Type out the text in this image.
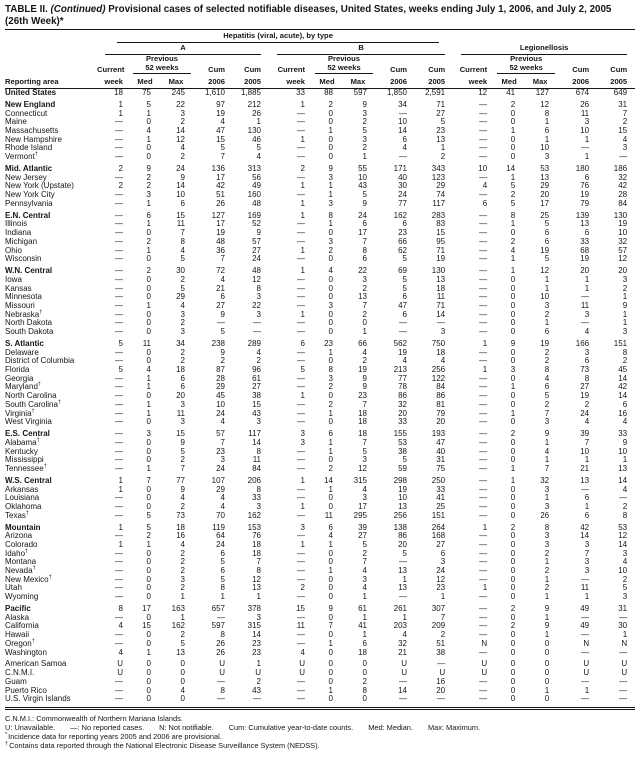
TABLE II. (Continued) Provisional cases of selected notifiable diseases, United States, weeks ending July 1, 2006, and July 2, 2005
(26th Week)*

	Hepatitis (viral, acute), by type														

	A					B					Legionellosis				

Reporting area		Previous					Previous					Previous			
	Current	52 weeks		Cum	Cum	Current	52 weeks		Cum	Cum	Current	52 weeks		Cum	Cum
	week	Med	Max	2006	2005	week	Med	Max	2006	2005	week	Med	Max	2006	2005
United States	18	75	245	1,610	1,885	33	88	597	1,850	2,591	12	41	127	674	649
New England	1	5	22	97	212	1	2	9	34	71	—	2	12	26	31
Connecticut	1	1	3	19	26	—	0	3	—	27	—	0	8	11	7
Maine	—	0	2	4	1	—	0	2	10	5	—	0	1	3	2
Massachusetts	—	4	14	47	130	—	1	5	14	23	—	1	6	10	15
New Hampshire	—	1	12	15	46	1	0	3	6	13	—	0	1	1	4
Rhode Island	—	0	4	5	5	—	0	2	4	1	—	0	10	—	3
Vermont†	—	0	2	7	4	—	0	1	—	2	—	0	3	1	—
Mid. Atlantic	2	9	24	136	313	2	9	55	171	343	10	14	53	180	186
New Jersey	—	2	9	17	56	—	3	10	40	123	—	1	13	6	32
New York (Upstate)	2	2	14	42	49	1	1	43	30	29	4	5	29	76	42
New York City	—	3	10	51	160	—	1	5	24	74	—	2	20	19	28
Pennsylvania	—	1	6	26	48	1	3	9	77	117	6	5	17	79	84
E.N. Central	—	6	15	127	169	1	8	24	162	283	—	8	25	139	130
Illinois	—	1	11	17	52	—	1	6	6	83	—	1	5	13	19
Indiana	—	0	7	19	9	—	0	17	23	15	—	0	6	6	10
Michigan	—	2	8	48	57	—	3	7	66	95	—	2	6	33	32
Ohio	—	1	4	36	27	1	2	8	62	71	—	4	19	68	57
Wisconsin	—	0	5	7	24	—	0	6	5	19	—	1	5	19	12
W.N. Central	—	2	30	72	48	1	4	22	69	130	—	1	12	20	20
Iowa	—	0	2	4	12	—	0	3	5	13	—	0	1	1	3
Kansas	—	0	5	21	8	—	0	2	5	18	—	0	1	1	2
Minnesota	—	0	29	6	3	—	0	13	6	11	—	0	10	—	1
Missouri	—	1	4	27	22	—	3	7	47	71	—	0	3	11	9
Nebraska†	—	0	3	9	3	1	0	2	6	14	—	0	2	3	1
North Dakota	—	0	2	—	—	—	0	0	—	—	—	0	1	—	1
South Dakota	—	0	3	5	—	—	0	1	—	3	—	0	6	4	3
S. Atlantic	5	11	34	238	289	6	23	66	562	750	1	9	19	166	151
Delaware	—	0	2	9	4	—	1	4	19	18	—	0	2	3	8
District of Columbia	—	0	2	2	2	—	0	2	4	4	—	0	2	6	2
Florida	5	4	18	87	96	5	8	19	213	256	1	3	8	73	45
Georgia	—	1	6	28	61	—	3	9	77	122	—	0	4	8	14
Maryland†	—	1	6	29	27	—	2	9	78	84	—	1	6	27	42
North Carolina	—	0	20	45	38	1	0	23	86	86	—	0	5	19	14
South Carolina†	—	1	3	10	15	—	2	7	32	81	—	0	2	2	6
Virginia†	—	1	11	24	43	—	1	18	20	79	—	1	7	24	16
West Virginia	—	0	3	4	3	—	0	18	33	20	—	0	3	4	4
E.S. Central	—	3	15	57	117	3	6	18	155	193	—	2	9	39	33
Alabama†	—	0	9	7	14	3	1	7	53	47	—	0	1	7	9
Kentucky	—	0	5	23	8	—	1	5	38	40	—	0	4	10	10
Mississippi	—	0	2	3	11	—	0	3	5	31	—	0	1	1	1
Tennessee†	—	1	7	24	84	—	2	12	59	75	—	1	7	21	13
W.S. Central	1	7	77	107	206	1	14	315	298	250	—	1	32	13	14
Arkansas	1	0	9	29	8	—	1	4	19	33	—	0	3	—	4
Louisiana	—	0	4	4	33	—	0	3	10	41	—	0	1	6	—
Oklahoma	—	0	2	4	3	1	0	17	13	25	—	0	3	1	2
Texas†	—	5	73	70	162	—	11	295	256	151	—	0	26	6	8
Mountain	1	5	18	119	153	3	6	39	138	264	1	2	8	42	53
Arizona	—	2	16	64	76	—	4	27	86	168	—	0	3	14	12
Colorado	1	1	4	24	18	1	1	5	20	27	—	0	3	3	14
Idaho†	—	0	2	6	18	—	0	2	5	6	—	0	2	7	3
Montana	—	0	2	5	7	—	0	7	—	3	—	0	1	3	4
Nevada†	—	0	2	6	8	—	1	4	13	24	—	0	2	3	10
New Mexico†	—	0	3	5	12	—	0	3	1	12	—	0	1	—	2
Utah	—	0	2	8	13	2	0	4	13	23	1	0	2	11	5
Wyoming	—	0	1	1	1	—	0	1	—	1	—	0	1	1	3
Pacific	8	17	163	657	378	15	9	61	261	307	—	2	9	49	31
Alaska	—	0	1	—	3	—	0	1	1	7	—	0	1	—	—
California	4	15	162	597	315	11	7	41	203	209	—	2	9	49	30
Hawaii	—	0	2	8	14	—	0	1	4	2	—	0	1	—	1
Oregon†	—	0	5	26	23	—	1	6	32	51	N	0	0	N	N
Washington	4	1	13	26	23	4	0	18	21	38	—	0	0	—	—
American Samoa	U	0	0	U	1	U	0	0	U	—	U	0	0	U	U
C.N.M.I.	U	0	0	U	U	U	0	0	U	U	U	0	0	U	U
Guam	—	0	0	—	2	—	0	2	—	16	—	0	0	—	—
Puerto Rico	—	0	4	8	43	—	1	8	14	20	—	0	1	1	—
U.S. Virgin Islands	—	0	0	—	—	—	0	0	—	—	—	0	0	—	—
C.N.M.I.: Commonwealth of Northern Mariana Islands.
U: Unavailable. —: No reported cases. N: Not notifiable. Cum: Cumulative year-to-date counts. Med: Median. Max: Maximum.
*Incidence data for reporting years 2005 and 2006 are provisional.
†Contains data reported through the National Electronic Disease Surveillance System (NEDSS).
